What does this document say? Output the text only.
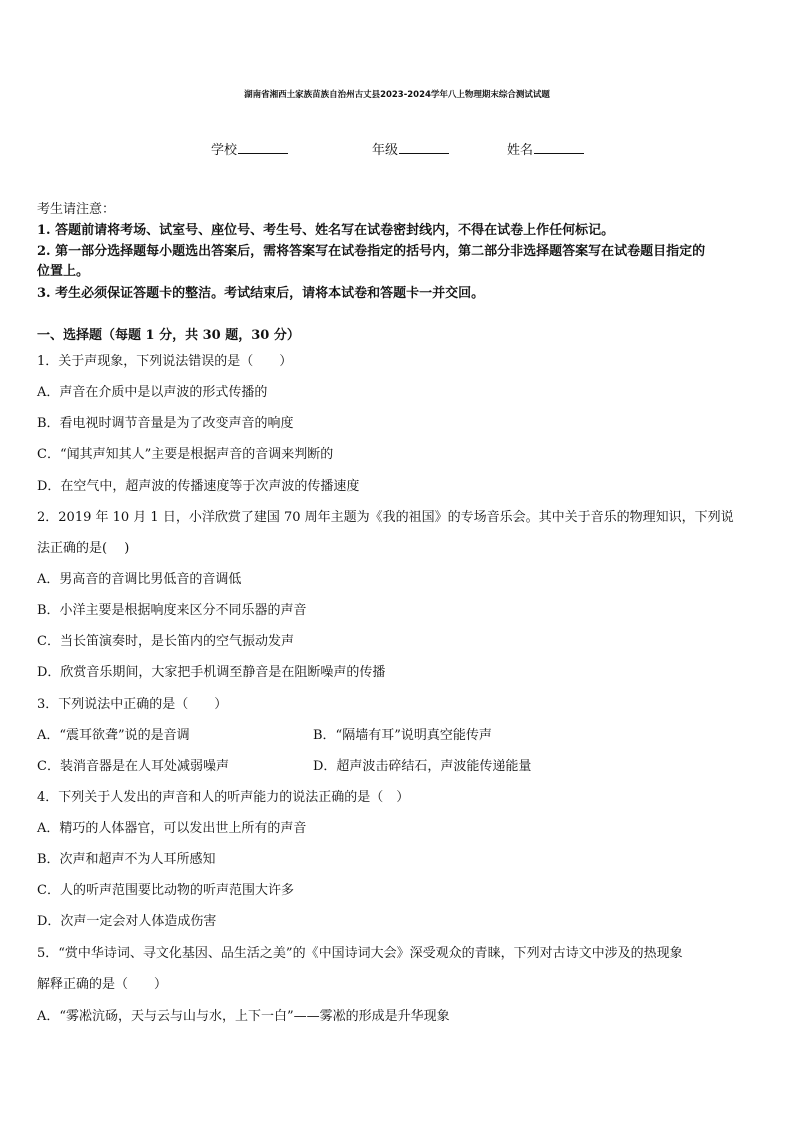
湖南省湘西土家族苗族自治州古丈县2023-2024学年八上物理期末综合测试试题
学校	年级	姓名
考生请注意：
1. 答题前请将考场、试室号、座位号、考生号、姓名写在试卷密封线内，不得在试卷上作任何标记。
2. 第一部分选择题每小题选出答案后，需将答案写在试卷指定的括号内，第二部分非选择题答案写在试卷题目指定的
位置上。
3. 考生必须保证答题卡的整洁。考试结束后，请将本试卷和答题卡一并交回。
一、选择题（每题 1 分，共 30 题，30 分）
1．关于声现象，下列说法错误的是（　　）
A．声音在介质中是以声波的形式传播的
B．看电视时调节音量是为了改变声音的响度
C．“闻其声知其人”主要是根据声音的音调来判断的
D．在空气中，超声波的传播速度等于次声波的传播速度
2．2019 年 10 月 1 日，小洋欣赏了建国 70 周年主题为《我的祖国》的专场音乐会。其中关于音乐的物理知识，下列说
法正确的是(　 )
A．男高音的音调比男低音的音调低
B．小洋主要是根据响度来区分不同乐器的声音
C．当长笛演奏时，是长笛内的空气振动发声
D．欣赏音乐期间，大家把手机调至静音是在阻断噪声的传播
3．下列说法中正确的是（　　）
A．“震耳欲聋”说的是音调	B．“隔墙有耳”说明真空能传声
C．装消音器是在人耳处减弱噪声	D．超声波击碎结石，声波能传递能量
4．下列关于人发出的声音和人的听声能力的说法正确的是（　）
A．精巧的人体器官，可以发出世上所有的声音
B．次声和超声不为人耳所感知
C．人的听声范围要比动物的听声范围大许多
D．次声一定会对人体造成伤害
5．“赏中华诗词、寻文化基因、品生活之美”的《中国诗词大会》深受观众的青睐，下列对古诗文中涉及的热现象
解释正确的是（　　）
A．“雾凇沆砀，天与云与山与水，上下一白”——雾凇的形成是升华现象
